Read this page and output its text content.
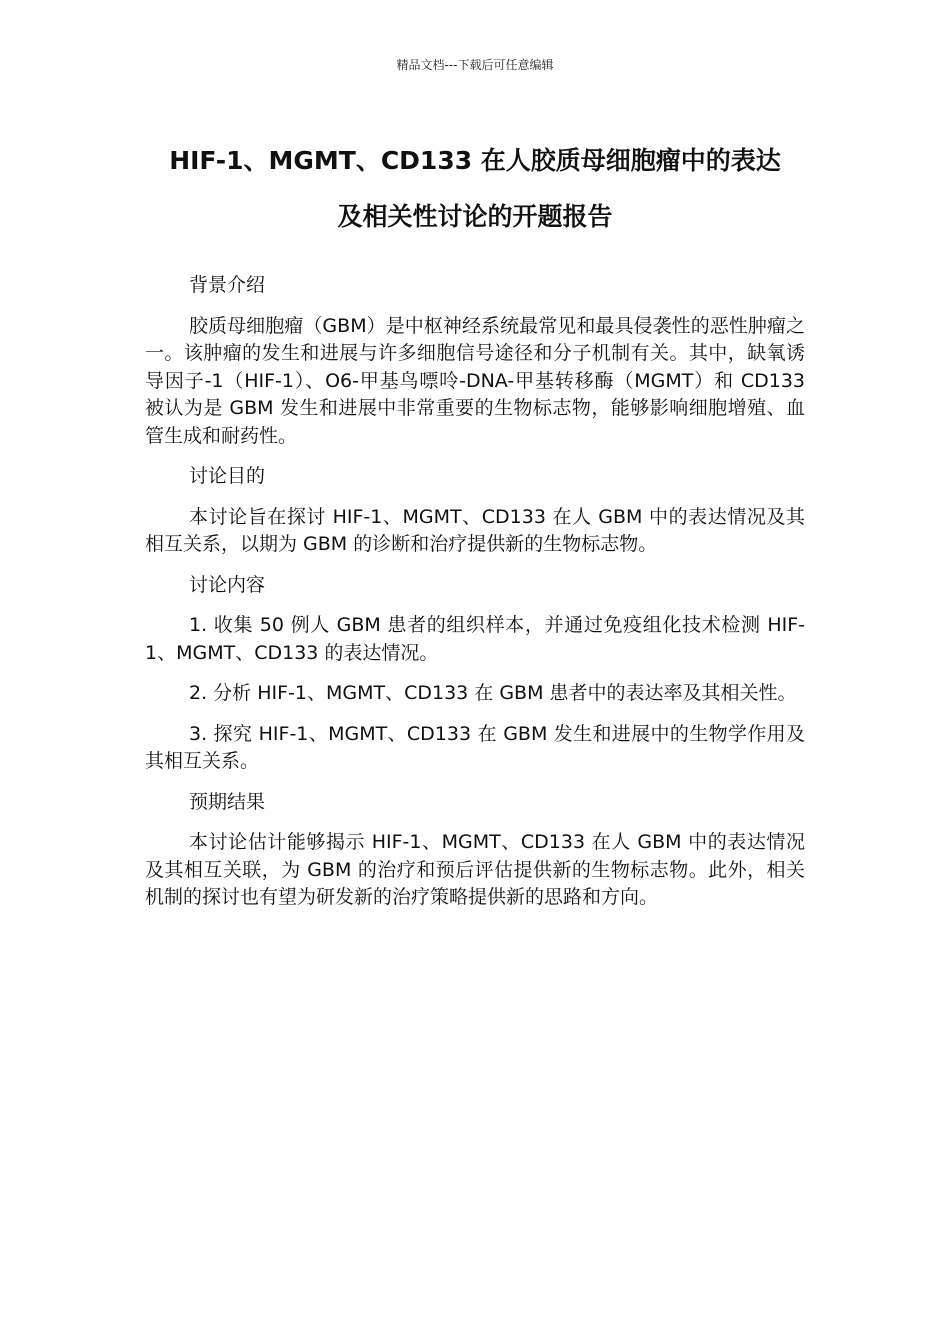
精品文档---下载后可任意编辑
HIF-1、MGMT、CD133 在人胶质母细胞瘤中的表达
及相关性讨论的开题报告

背景介绍

胶质母细胞瘤（GBM）是中枢神经系统最常见和最具侵袭性的恶性肿瘤之一。该肿瘤的发生和进展与许多细胞信号途径和分子机制有关。其中，缺氧诱导因子-1（HIF-1）、O6-甲基鸟嘌呤-DNA-甲基转移酶（MGMT）和 CD133 被认为是 GBM 发生和进展中非常重要的生物标志物，能够影响细胞增殖、血管生成和耐药性。

讨论目的

本讨论旨在探讨 HIF-1、MGMT、CD133 在人 GBM 中的表达情况及其相互关系，以期为 GBM 的诊断和治疗提供新的生物标志物。

讨论内容

1. 收集 50 例人 GBM 患者的组织样本，并通过免疫组化技术检测 HIF-1、MGMT、CD133 的表达情况。

2. 分析 HIF-1、MGMT、CD133 在 GBM 患者中的表达率及其相关性。

3. 探究 HIF-1、MGMT、CD133 在 GBM 发生和进展中的生物学作用及其相互关系。

预期结果

本讨论估计能够揭示 HIF-1、MGMT、CD133 在人 GBM 中的表达情况及其相互关联，为 GBM 的治疗和预后评估提供新的生物标志物。此外，相关机制的探讨也有望为研发新的治疗策略提供新的思路和方向。
